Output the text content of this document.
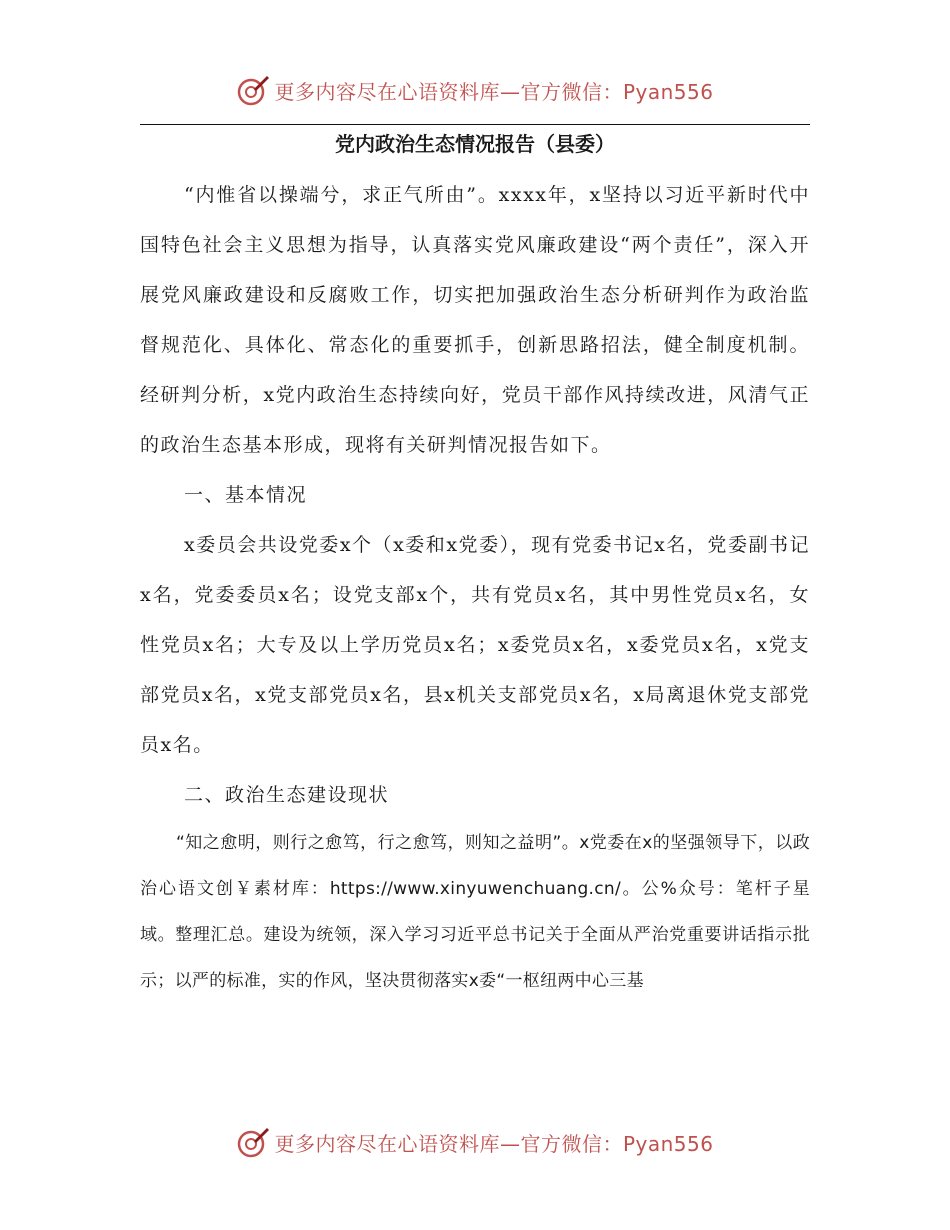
更多内容尽在心语资料库—官方微信：Pyan556
党内政治生态情况报告（县委）

“内惟省以操端兮，求正气所由”。xxxx年，x坚持以习近平新时代中国特色社会主义思想为指导，认真落实党风廉政建设“两个责任”，深入开展党风廉政建设和反腐败工作，切实把加强政治生态分析研判作为政治监督规范化、具体化、常态化的重要抓手，创新思路招法，健全制度机制。经研判分析，x党内政治生态持续向好，党员干部作风持续改进，风清气正的政治生态基本形成，现将有关研判情况报告如下。

一、基本情况

x委员会共设党委x个（x委和x党委），现有党委书记x名，党委副书记x名，党委委员x名；设党支部x个，共有党员x名，其中男性党员x名，女性党员x名；大专及以上学历党员x名；x委党员x名，x委党员x名，x党支部党员x名，x党支部党员x名，县x机关支部党员x名，x局离退休党支部党员x名。

二、政治生态建设现状

“知之愈明，则行之愈笃，行之愈笃，则知之益明”。x党委在x的坚强领导下，以政治心语文创￥素材库：https://www.xinyuwenchuang.cn/。公%众号：笔杆子星域。整理汇总。建设为统领，深入学习习近平总书记关于全面从严治党重要讲话指示批示；以严的标准，实的作风，坚决贯彻落实x委“一枢纽两中心三基

更多内容尽在心语资料库—官方微信：Pyan556
